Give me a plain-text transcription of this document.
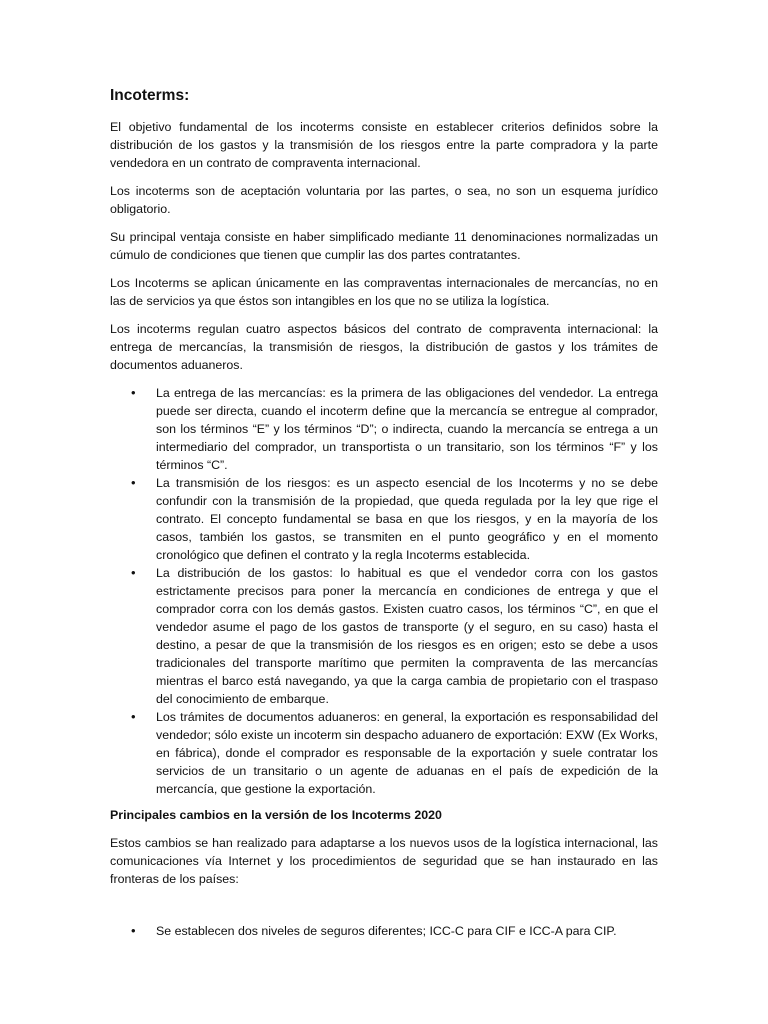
Incoterms:

El objetivo fundamental de los incoterms consiste en establecer criterios definidos sobre la distribución de los gastos y la transmisión de los riesgos entre la parte compradora y la parte vendedora en un contrato de compraventa internacional.

Los incoterms son de aceptación voluntaria por las partes, o sea, no son un esquema jurídico obligatorio.

Su principal ventaja consiste en haber simplificado mediante 11 denominaciones normalizadas un cúmulo de condiciones que tienen que cumplir las dos partes contratantes.

Los Incoterms se aplican únicamente en las compraventas internacionales de mercancías, no en las de servicios ya que éstos son intangibles en los que no se utiliza la logística.

Los incoterms regulan cuatro aspectos básicos del contrato de compraventa internacional: la entrega de mercancías, la transmisión de riesgos, la distribución de gastos y los trámites de documentos aduaneros.

• La entrega de las mercancías: es la primera de las obligaciones del vendedor. La entrega puede ser directa, cuando el incoterm define que la mercancía se entregue al comprador, son los términos “E” y los términos “D”; o indirecta, cuando la mercancía se entrega a un intermediario del comprador, un transportista o un transitario, son los términos “F” y los términos “C”.
• La transmisión de los riesgos: es un aspecto esencial de los Incoterms y no se debe confundir con la transmisión de la propiedad, que queda regulada por la ley que rige el contrato. El concepto fundamental se basa en que los riesgos, y en la mayoría de los casos, también los gastos, se transmiten en el punto geográfico y en el momento cronológico que definen el contrato y la regla Incoterms establecida.
• La distribución de los gastos: lo habitual es que el vendedor corra con los gastos estrictamente precisos para poner la mercancía en condiciones de entrega y que el comprador corra con los demás gastos. Existen cuatro casos, los términos “C”, en que el vendedor asume el pago de los gastos de transporte (y el seguro, en su caso) hasta el destino, a pesar de que la transmisión de los riesgos es en origen; esto se debe a usos tradicionales del transporte marítimo que permiten la compraventa de las mercancías mientras el barco está navegando, ya que la carga cambia de propietario con el traspaso del conocimiento de embarque.
• Los trámites de documentos aduaneros: en general, la exportación es responsabilidad del vendedor; sólo existe un incoterm sin despacho aduanero de exportación: EXW (Ex Works, en fábrica), donde el comprador es responsable de la exportación y suele contratar los servicios de un transitario o un agente de aduanas en el país de expedición de la mercancía, que gestione la exportación.
Principales cambios en la versión de los Incoterms 2020

Estos cambios se han realizado para adaptarse a los nuevos usos de la logística internacional, las comunicaciones vía Internet y los procedimientos de seguridad que se han instaurado en las fronteras de los países:

• Se establecen dos niveles de seguros diferentes; ICC-C para CIF e ICC-A para CIP.
